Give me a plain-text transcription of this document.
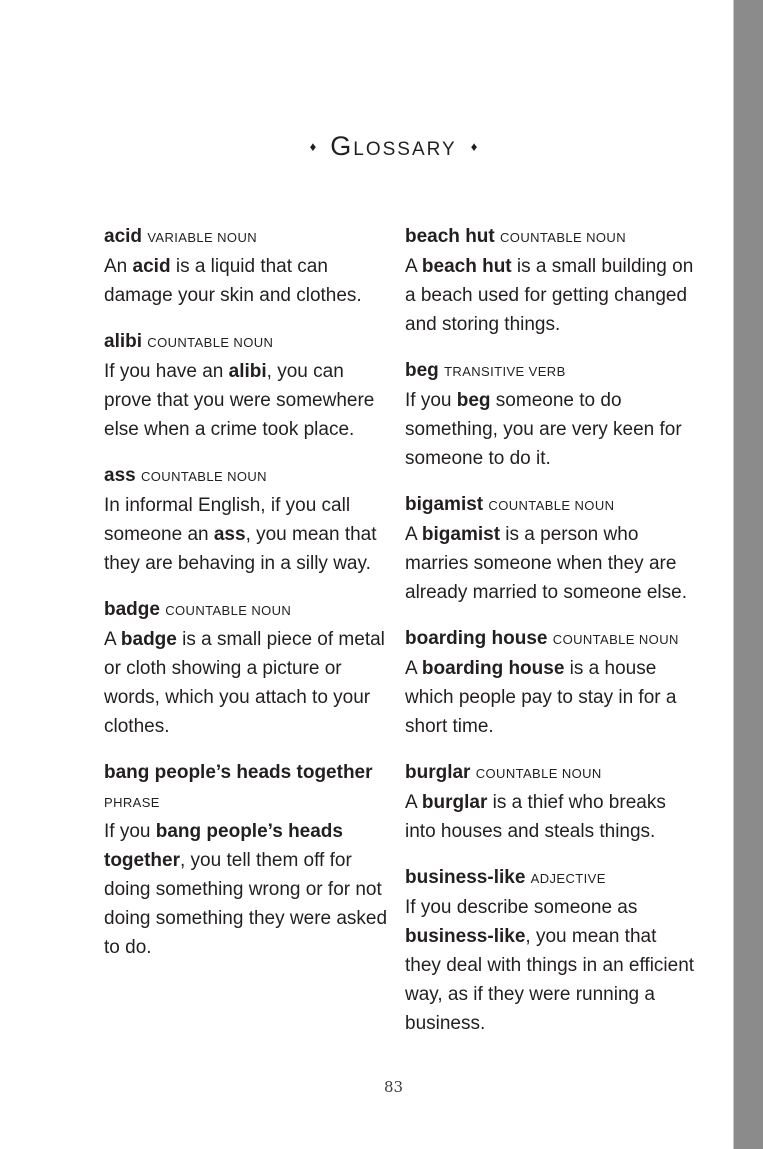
♦ Glossary ♦

acid VARIABLE NOUN

An acid is a liquid that can damage your skin and clothes.

alibi COUNTABLE NOUN

If you have an alibi, you can prove that you were somewhere else when a crime took place.

ass COUNTABLE NOUN

In informal English, if you call someone an ass, you mean that they are behaving in a silly way.

badge COUNTABLE NOUN

A badge is a small piece of metal or cloth showing a picture or words, which you attach to your clothes.

bang people’s heads together PHRASE

If you bang people’s heads together, you tell them off for doing something wrong or for not doing something they were asked to do.

beach hut COUNTABLE NOUN

A beach hut is a small building on a beach used for getting changed and storing things.

beg TRANSITIVE VERB

If you beg someone to do something, you are very keen for someone to do it.

bigamist COUNTABLE NOUN

A bigamist is a person who marries someone when they are already married to someone else.

boarding house COUNTABLE NOUN

A boarding house is a house which people pay to stay in for a short time.

burglar COUNTABLE NOUN

A burglar is a thief who breaks into houses and steals things.

business-like ADJECTIVE

If you describe someone as business-like, you mean that they deal with things in an efficient way, as if they were running a business.

83
